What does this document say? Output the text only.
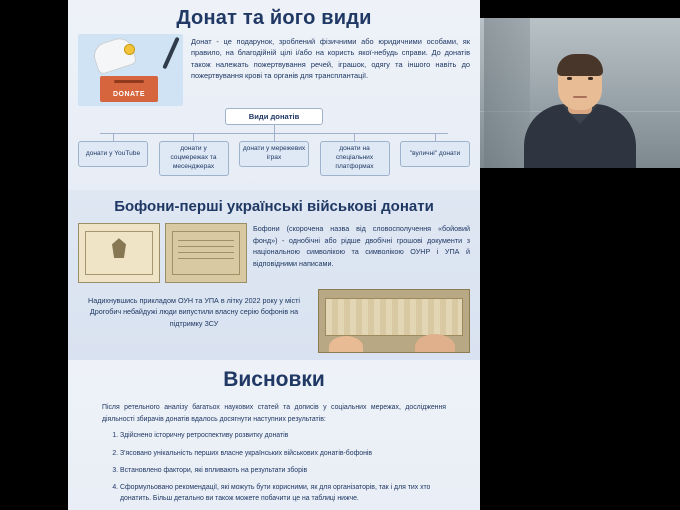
Донат та його види
DONATE
Донат - це подарунок, зроблений фізичними або юридичними особами, як правило, на благодійній цілі і/або на користь якої-небудь справи. До донатів також належать пожертвування речей, іграшок, одягу та іншого навіть до пожертвування крові та органів для трансплантації.
Види донатів
донати у YouTube
донати у соцмережах та месенджерах
донати у мережевих іграх
донати на спеціальних платформах
"вуличні" донати
Бофони-перші українські військові донати
Бофони (скорочена назва від словосполучення «бойовий фонд») - однобічні або рідше двобічні грошові документи з національною символікою та символікою ОУНР і УПА й відповідними написами.
Надихнувшись прикладом ОУН та УПА в літку 2022 року у місті Дрогобич небайдужі люди випустили власну серію бофонів на підтримку ЗСУ
Висновки
Після ретельного аналізу багатьох наукових статей та дописів у соціальних мережах, дослідження діяльності збирачів донатів вдалось досягнути наступних результатів:
1. Здійснено історичну ретроспективу розвитку донатів
2. З'ясовано унікальність перших власне українських військових донатів-бофонів
3. Встановлено фактори, які впливають на результати зборів
4. Сформульовано рекомендації, які можуть бути корисними, як для організаторів, так і для тих хто донатить. Більш детально ви також можете побачити це на таблиці нижче.
